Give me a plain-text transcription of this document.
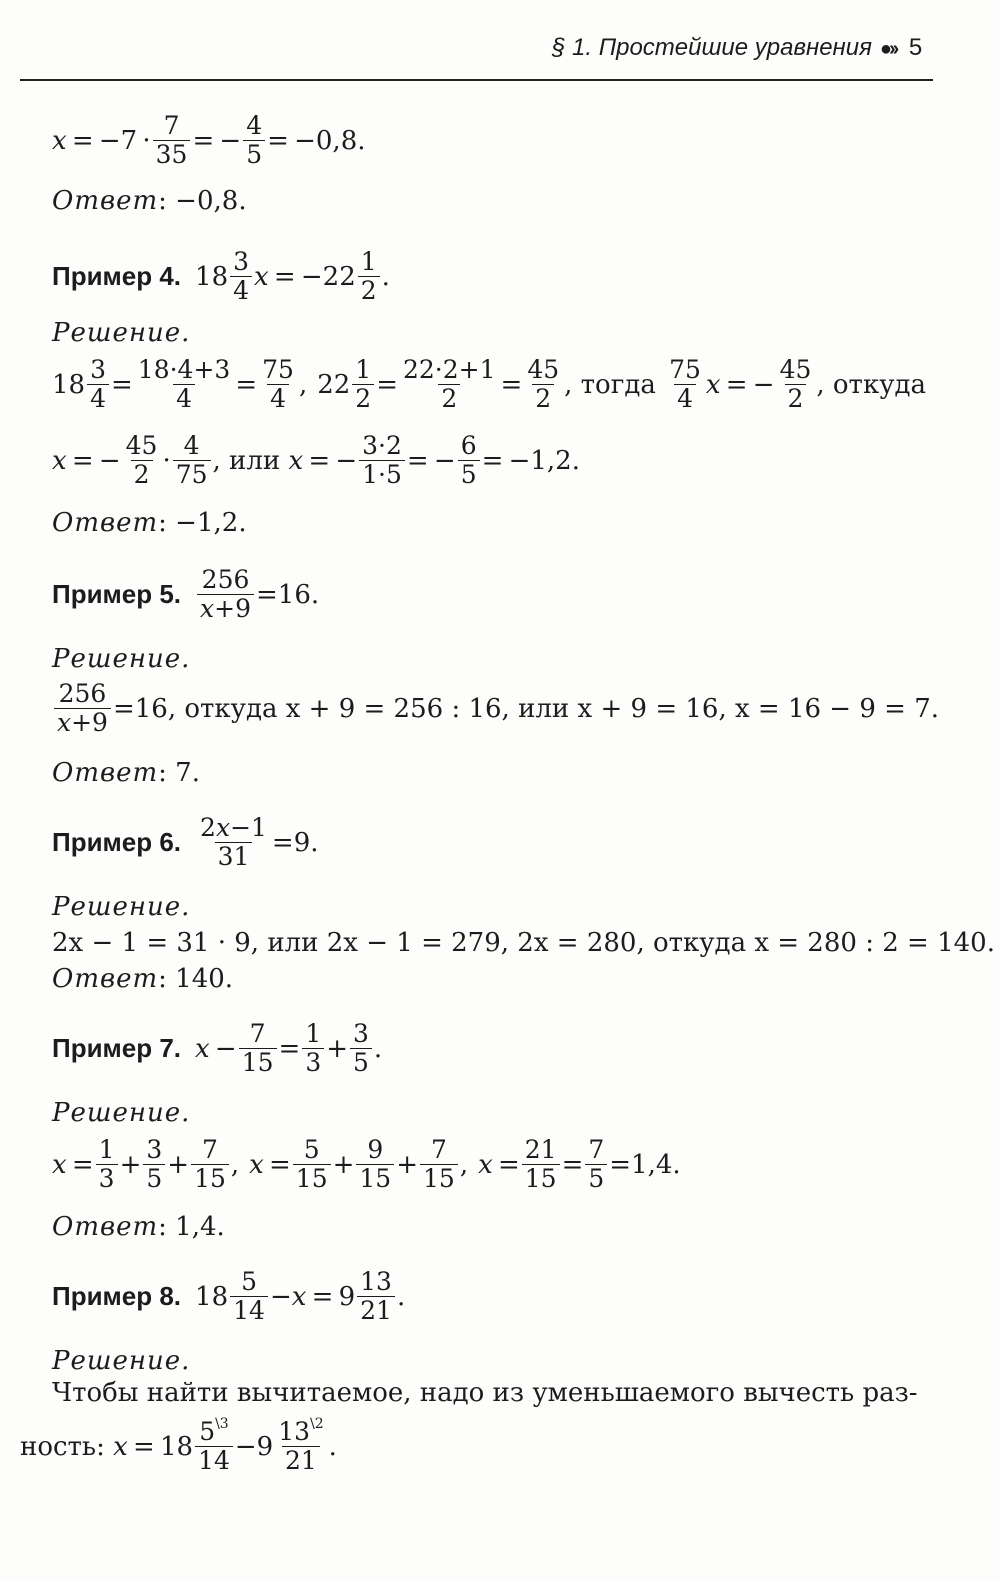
§ 1. Простейшие уравнения ●›› 5
$x = -7 \cdot \frac{7}{35}$ = − $\frac{4}{5} = -0,8$.
Ответ : −0,8.
Пример 4. $18 \frac{3}{4}$ $x = -22 \frac{1}{2}$ .
Решение.
$18 \frac{3}{4} = \frac{18\cdot 4+3}{4} = \frac{75}{4}$ , $22 \frac{1}{2} = \frac{22\cdot 2+1}{2} = \frac{45}{2}$ , тогда
$\frac{75}{4}$ x  = − $\frac{45}{2}$ , откуда
x  = − $\frac{45}{2} \cdot \frac{4}{75}$ , или
x  = − $\frac{3\cdot 2}{1\cdot 5}$ = − $\frac{6}{5} = -1,2$.
Ответ : −1,2.
Пример 5. $\frac{256}{x+9} =16$.
Решение.
$\frac{256}{x+9} =16$, откуда x + 9 = 256 : 16, или x + 9 = 16, x = 16 − 9 = 7.
Ответ : 7.
Пример 6. $\frac{2x-1}{31} =9$.
Решение.
2x − 1 = 31 · 9, или 2x − 1 = 279, 2x = 280, откуда x = 280 : 2 = 140.
Ответ : 140.
Пример 7. $x - \frac{7}{15} = \frac{1}{3} + \frac{3}{5}$ .
Решение.
$x = \frac{1}{3} + \frac{3}{5} + \frac{7}{15}$ , $x = \frac{5}{15} + \frac{9}{15} + \frac{7}{15}$ , $x = \frac{21}{15} = \frac{7}{5} =1,4$.
Ответ : 1,4.
Пример 8. $18 \frac{5}{14} - x = 9 \frac{13}{21}$ .
Решение.
Чтобы найти вычитаемое, надо из уменьшаемого вычесть раз-
ность:
$x = 18 \frac{5^{\backslash 3}}{14} -9 \frac{13^{\backslash 2}}{21}$ .
